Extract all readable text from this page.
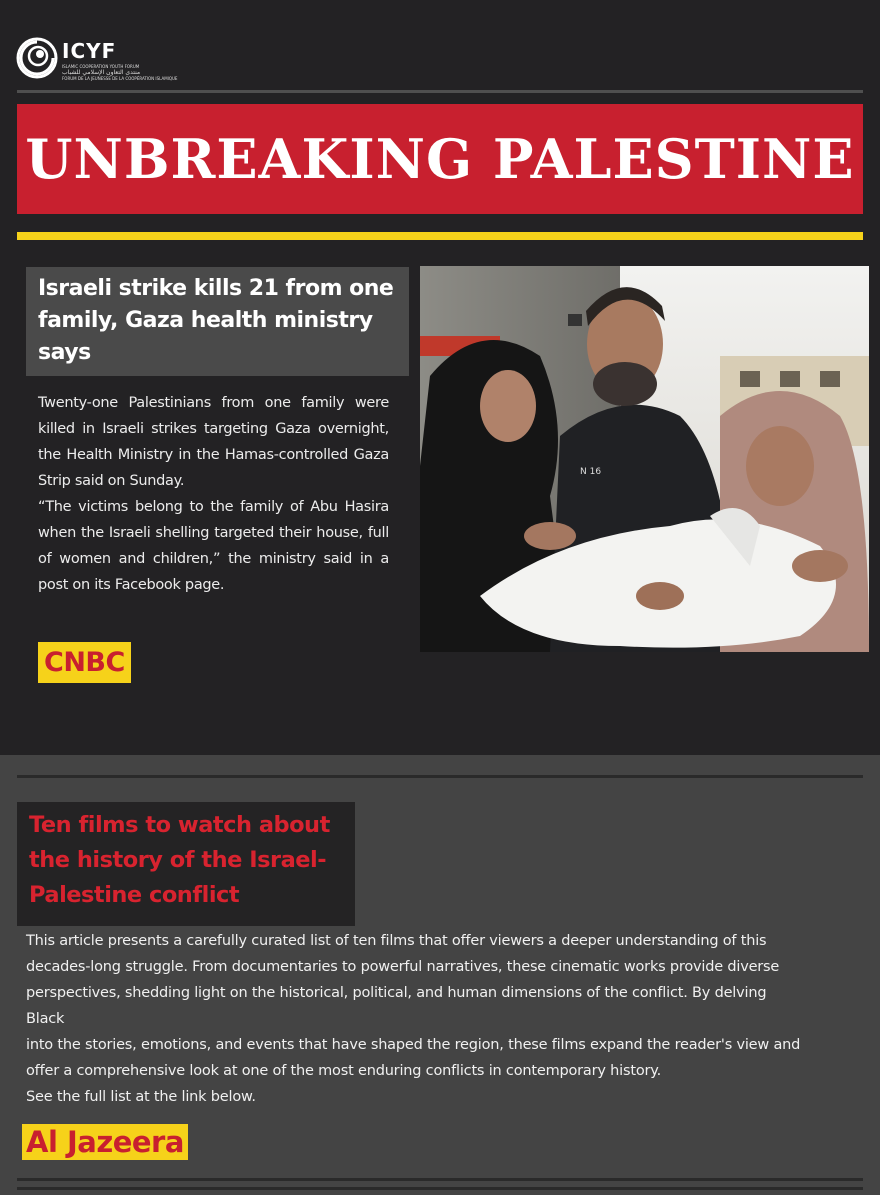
ICYF
ISLAMIC COOPERATION YOUTH FORUM
منتدى التعاون الإسلامي للشباب
FORUM DE LA JEUNESSE DE LA COOPÉRATION ISLAMIQUE
UNBREAKING PALESTINE
Israeli strike kills 21 from one family, Gaza health ministry says

Twenty-one Palestinians from one family were killed in Israeli strikes targeting Gaza overnight, the Health Ministry in the Hamas-controlled Gaza Strip said on Sunday.

“The victims belong to the family of Abu Hasira when the Israeli shelling targeted their house, full of women and children,” the ministry said in a post on its Facebook page.

N 16
CNBC
Ten films to watch about the history of the Israel-Palestine conflict

This article presents a carefully curated list of ten films that offer viewers a deeper understanding of this decades-long struggle. From documentaries to powerful narratives, these cinematic works provide diverse perspectives, shedding light on the historical, political, and human dimensions of the conflict. By delving

Black

into the stories, emotions, and events that have shaped the region, these films expand the reader's view and offer a comprehensive look at one of the most enduring conflicts in contemporary history.

See the full list at the link below.

Al Jazeera
